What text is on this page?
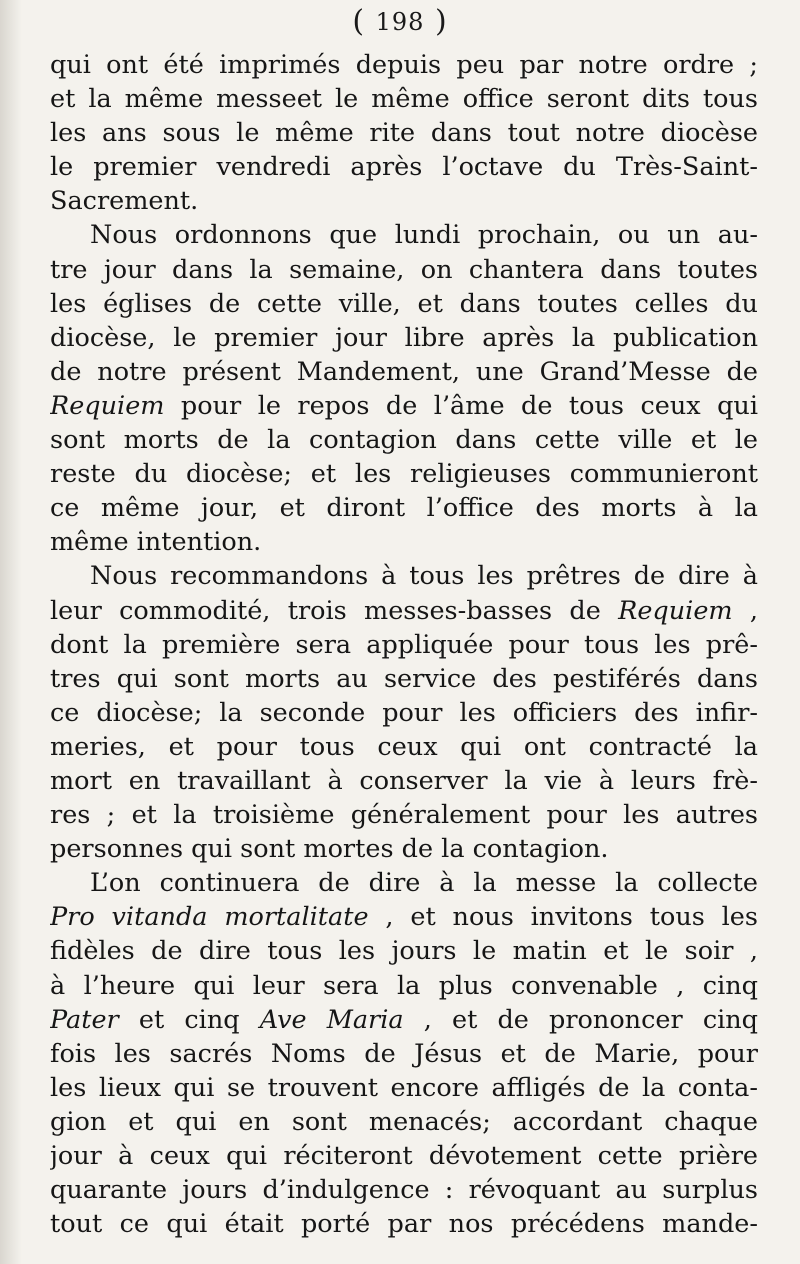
( 198 )
qui ont été imprimés depuis peu par notre ordre ;
et la même messeet le même office seront dits tous
les ans sous le même rite dans tout notre diocèse
le premier vendredi après l’octave du Très-Saint-
Sacrement.
Nous ordonnons que lundi prochain, ou un au-
tre jour dans la semaine, on chantera dans toutes
les églises de cette ville, et dans toutes celles du
diocèse, le premier jour libre après la publication
de notre présent Mandement, une Grand’Messe de
Requiem pour le repos de l’âme de tous ceux qui
sont morts de la contagion dans cette ville et le
reste du diocèse; et les religieuses communieront
ce même jour, et diront l’office des morts à la
même intention.
Nous recommandons à tous les prêtres de dire à
leur commodité, trois messes-basses de Requiem ,
dont la première sera appliquée pour tous les prê-
tres qui sont morts au service des pestiférés dans
ce diocèse; la seconde pour les officiers des infir-
meries, et pour tous ceux qui ont contracté la
mort en travaillant à conserver la vie à leurs frè-
res ; et la troisième généralement pour les autres
personnes qui sont mortes de la contagion.
L’on continuera de dire à la messe la collecte
Pro vitanda mortalitate , et nous invitons tous les
fidèles de dire tous les jours le matin et le soir ,
à l’heure qui leur sera la plus convenable , cinq
Pater et cinq Ave Maria , et de prononcer cinq
fois les sacrés Noms de Jésus et de Marie, pour
les lieux qui se trouvent encore affligés de la conta-
gion et qui en sont menacés; accordant chaque
jour à ceux qui réciteront dévotement cette prière
quarante jours d’indulgence : révoquant au surplus
tout ce qui était porté par nos précédens mande-
